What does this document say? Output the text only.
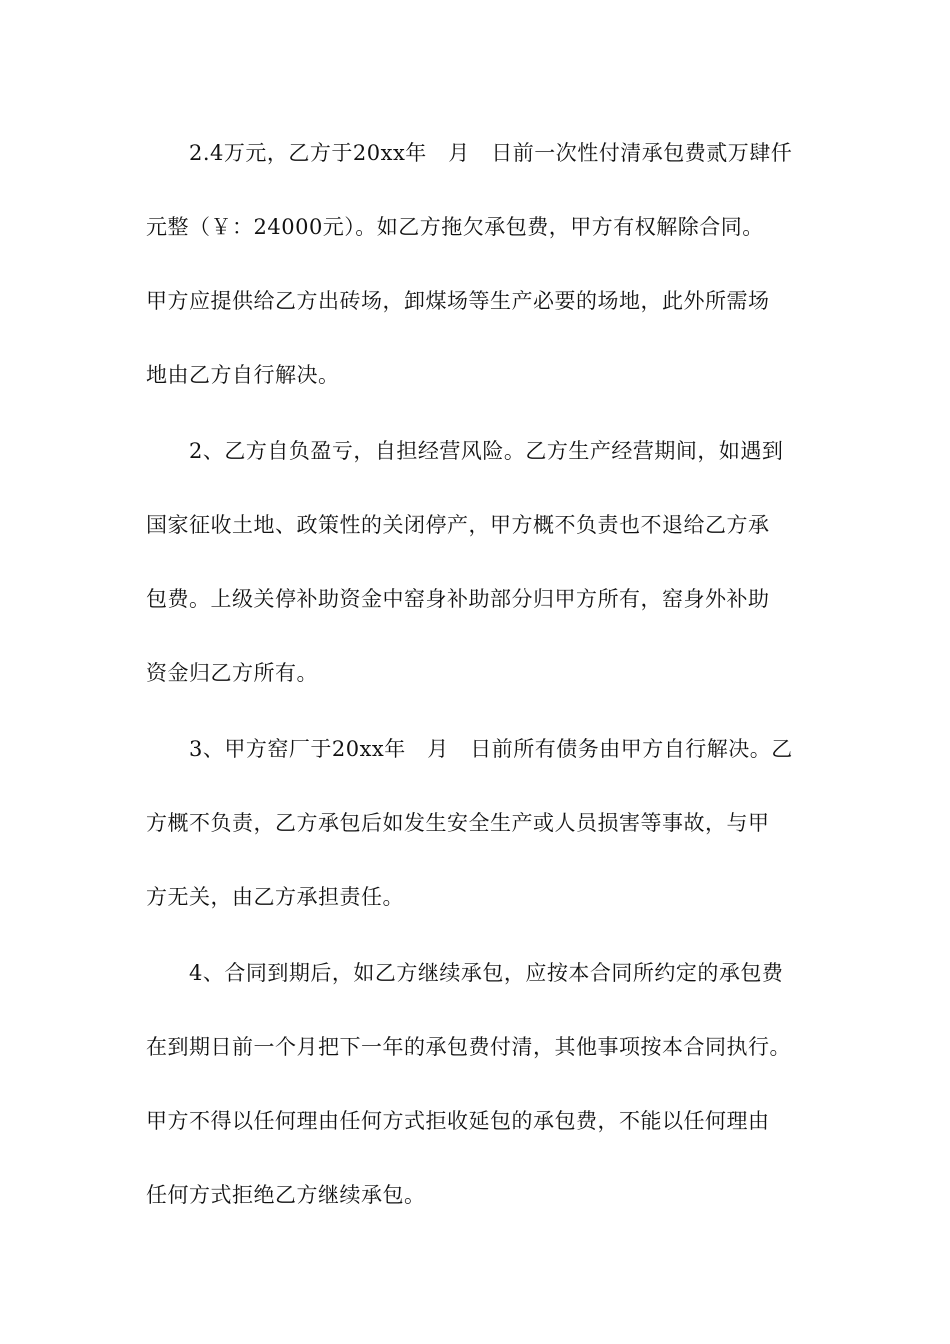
2.4万元，乙方于20xx年　月　日前一次性付清承包费贰万肆仟
元整（￥：24000元）。如乙方拖欠承包费，甲方有权解除合同。
甲方应提供给乙方出砖场，卸煤场等生产必要的场地，此外所需场
地由乙方自行解决。
2、乙方自负盈亏，自担经营风险。乙方生产经营期间，如遇到
国家征收土地、政策性的关闭停产，甲方概不负责也不退给乙方承
包费。上级关停补助资金中窑身补助部分归甲方所有，窑身外补助
资金归乙方所有。
3、甲方窑厂于20xx年　月　日前所有债务由甲方自行解决。乙
方概不负责，乙方承包后如发生安全生产或人员损害等事故，与甲
方无关，由乙方承担责任。
4、合同到期后，如乙方继续承包，应按本合同所约定的承包费
在到期日前一个月把下一年的承包费付清，其他事项按本合同执行。
甲方不得以任何理由任何方式拒收延包的承包费，不能以任何理由
任何方式拒绝乙方继续承包。
